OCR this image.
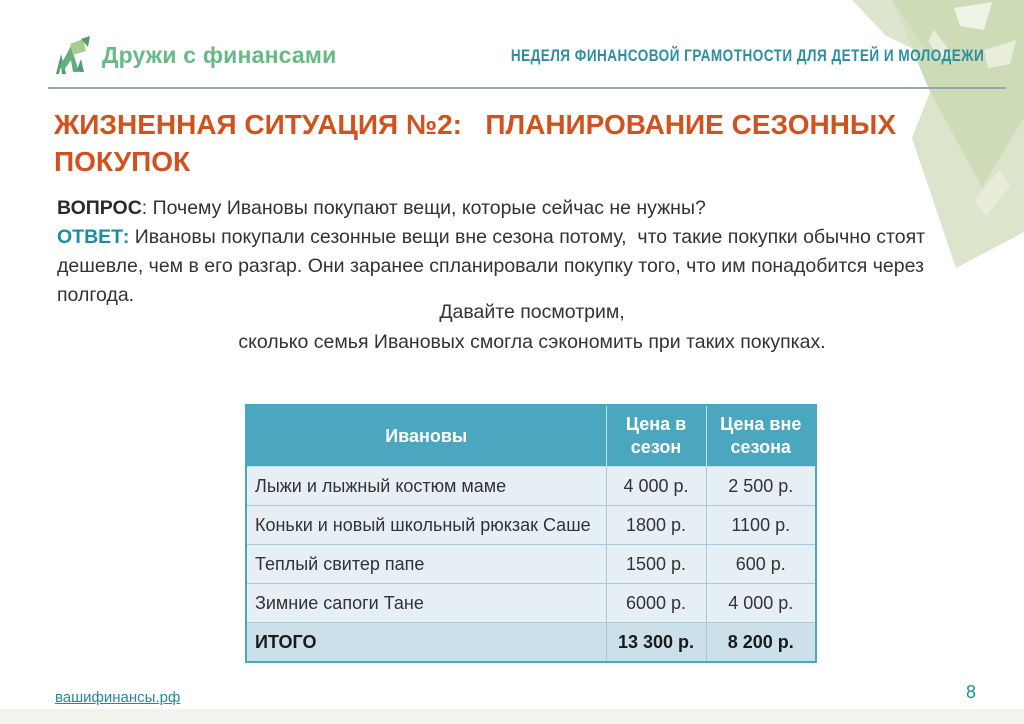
Дружи с финансами	НЕДЕЛЯ ФИНАНСОВОЙ ГРАМОТНОСТИ ДЛЯ ДЕТЕЙ И МОЛОДЕЖИ
ЖИЗНЕННАЯ СИТУАЦИЯ №2:   ПЛАНИРОВАНИЕ СЕЗОННЫХ
ПОКУПОК
ВОПРОС: Почему Ивановы покупают вещи, которые сейчас не нужны?
ОТВЕТ: Ивановы покупали сезонные вещи вне сезона потому,  что такие покупки обычно стоят дешевле, чем в его разгар. Они заранее спланировали покупку того, что им понадобится через полгода.
Давайте посмотрим,
сколько семья Ивановых смогла сэкономить при таких покупках.
Ивановы	Цена в сезон	Цена вне сезона
Лыжи и лыжный костюм маме	4 000 р.	2 500 р.
Коньки и новый школьный рюкзак Саше	1800 р.	1100 р.
Теплый свитер папе	1500 р.	600 р.
Зимние сапоги Тане	6000 р.	4 000 р.
ИТОГО	13 300 р.	8 200 р.
вашифинансы.рф	8
